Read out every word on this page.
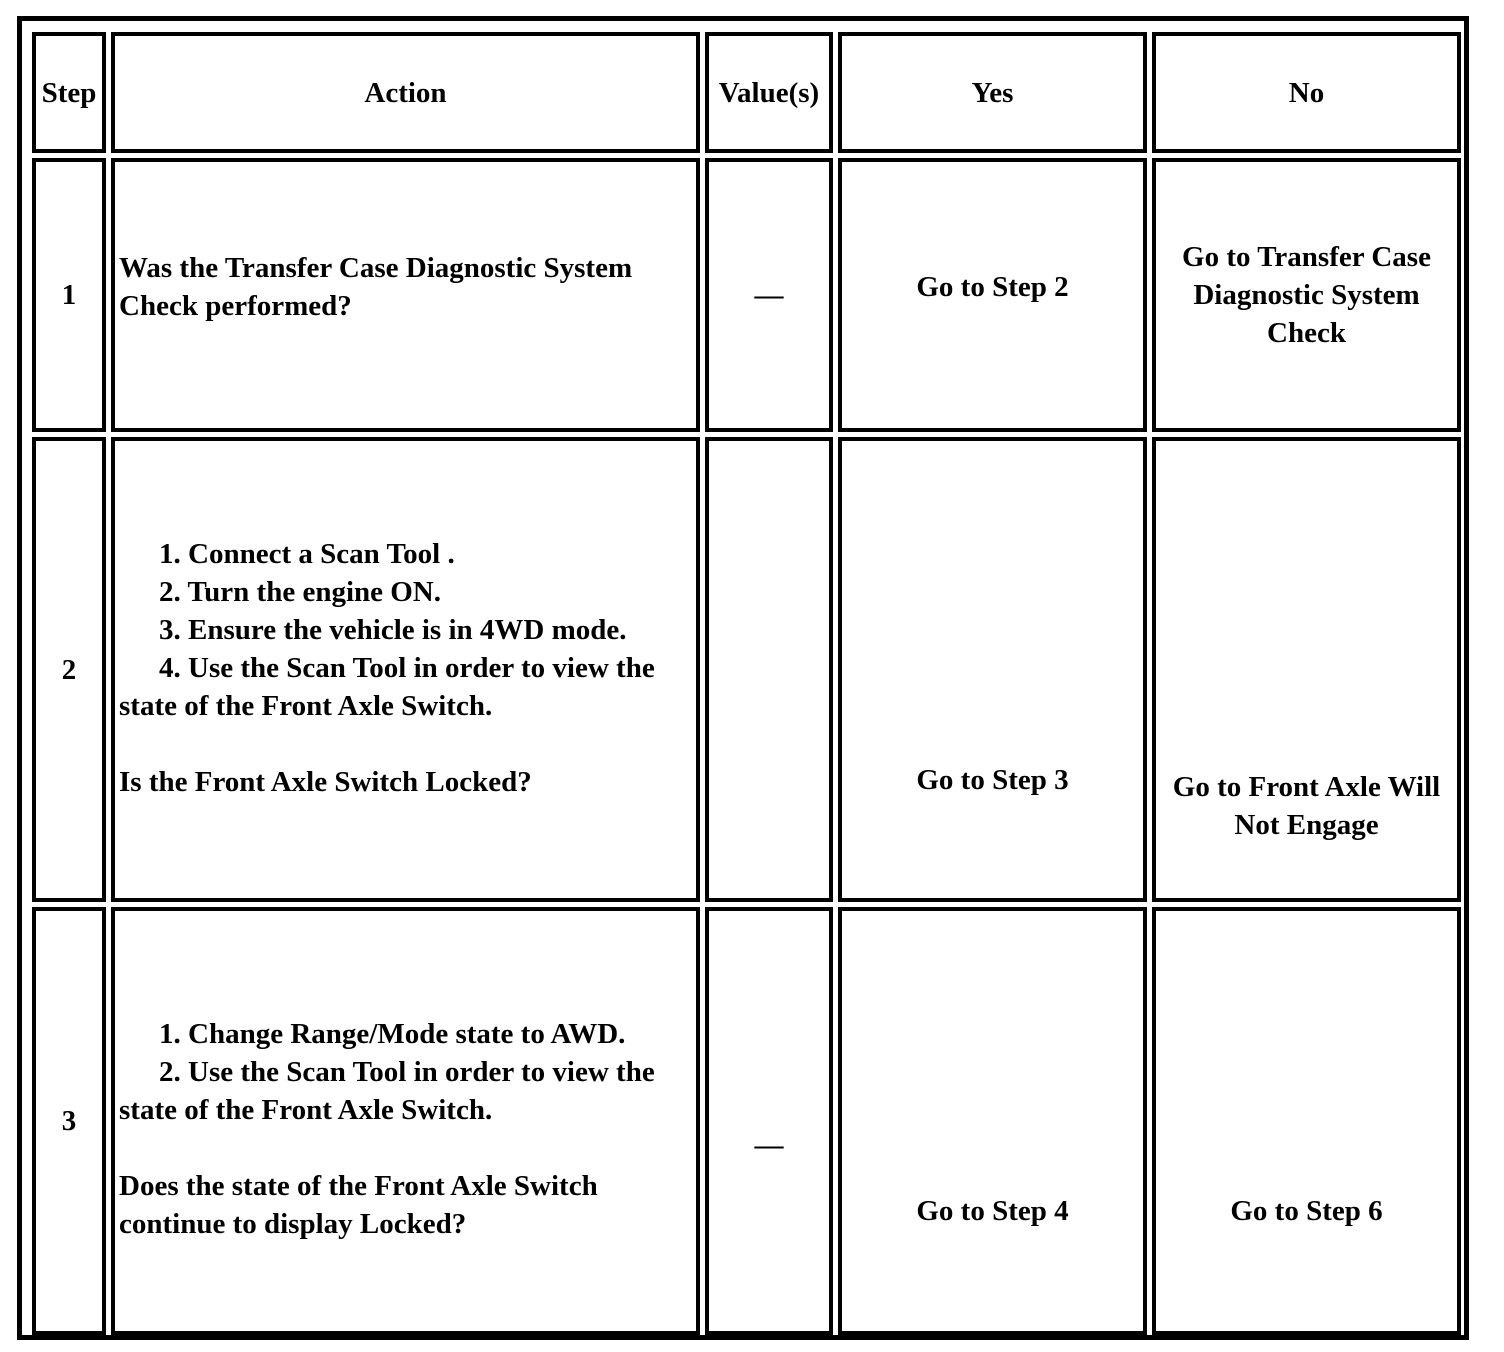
Step	Action	Value(s)	Yes	No
1	Was the Transfer Case Diagnostic System Check performed?	—	Go to Step 2	Go to Transfer Case Diagnostic System Check
2	1. Connect a Scan Tool .
2. Turn the engine ON.
3. Ensure the vehicle is in 4WD mode.
4. Use the Scan Tool in order to view the state of the Front Axle Switch.
Is the Front Axle Switch Locked?		Go to Step 3	Go to Front Axle Will Not Engage
3	1. Change Range/Mode state to AWD.
2. Use the Scan Tool in order to view the state of the Front Axle Switch.
Does the state of the Front Axle Switch continue to display Locked?	—	Go to Step 4	Go to Step 6
